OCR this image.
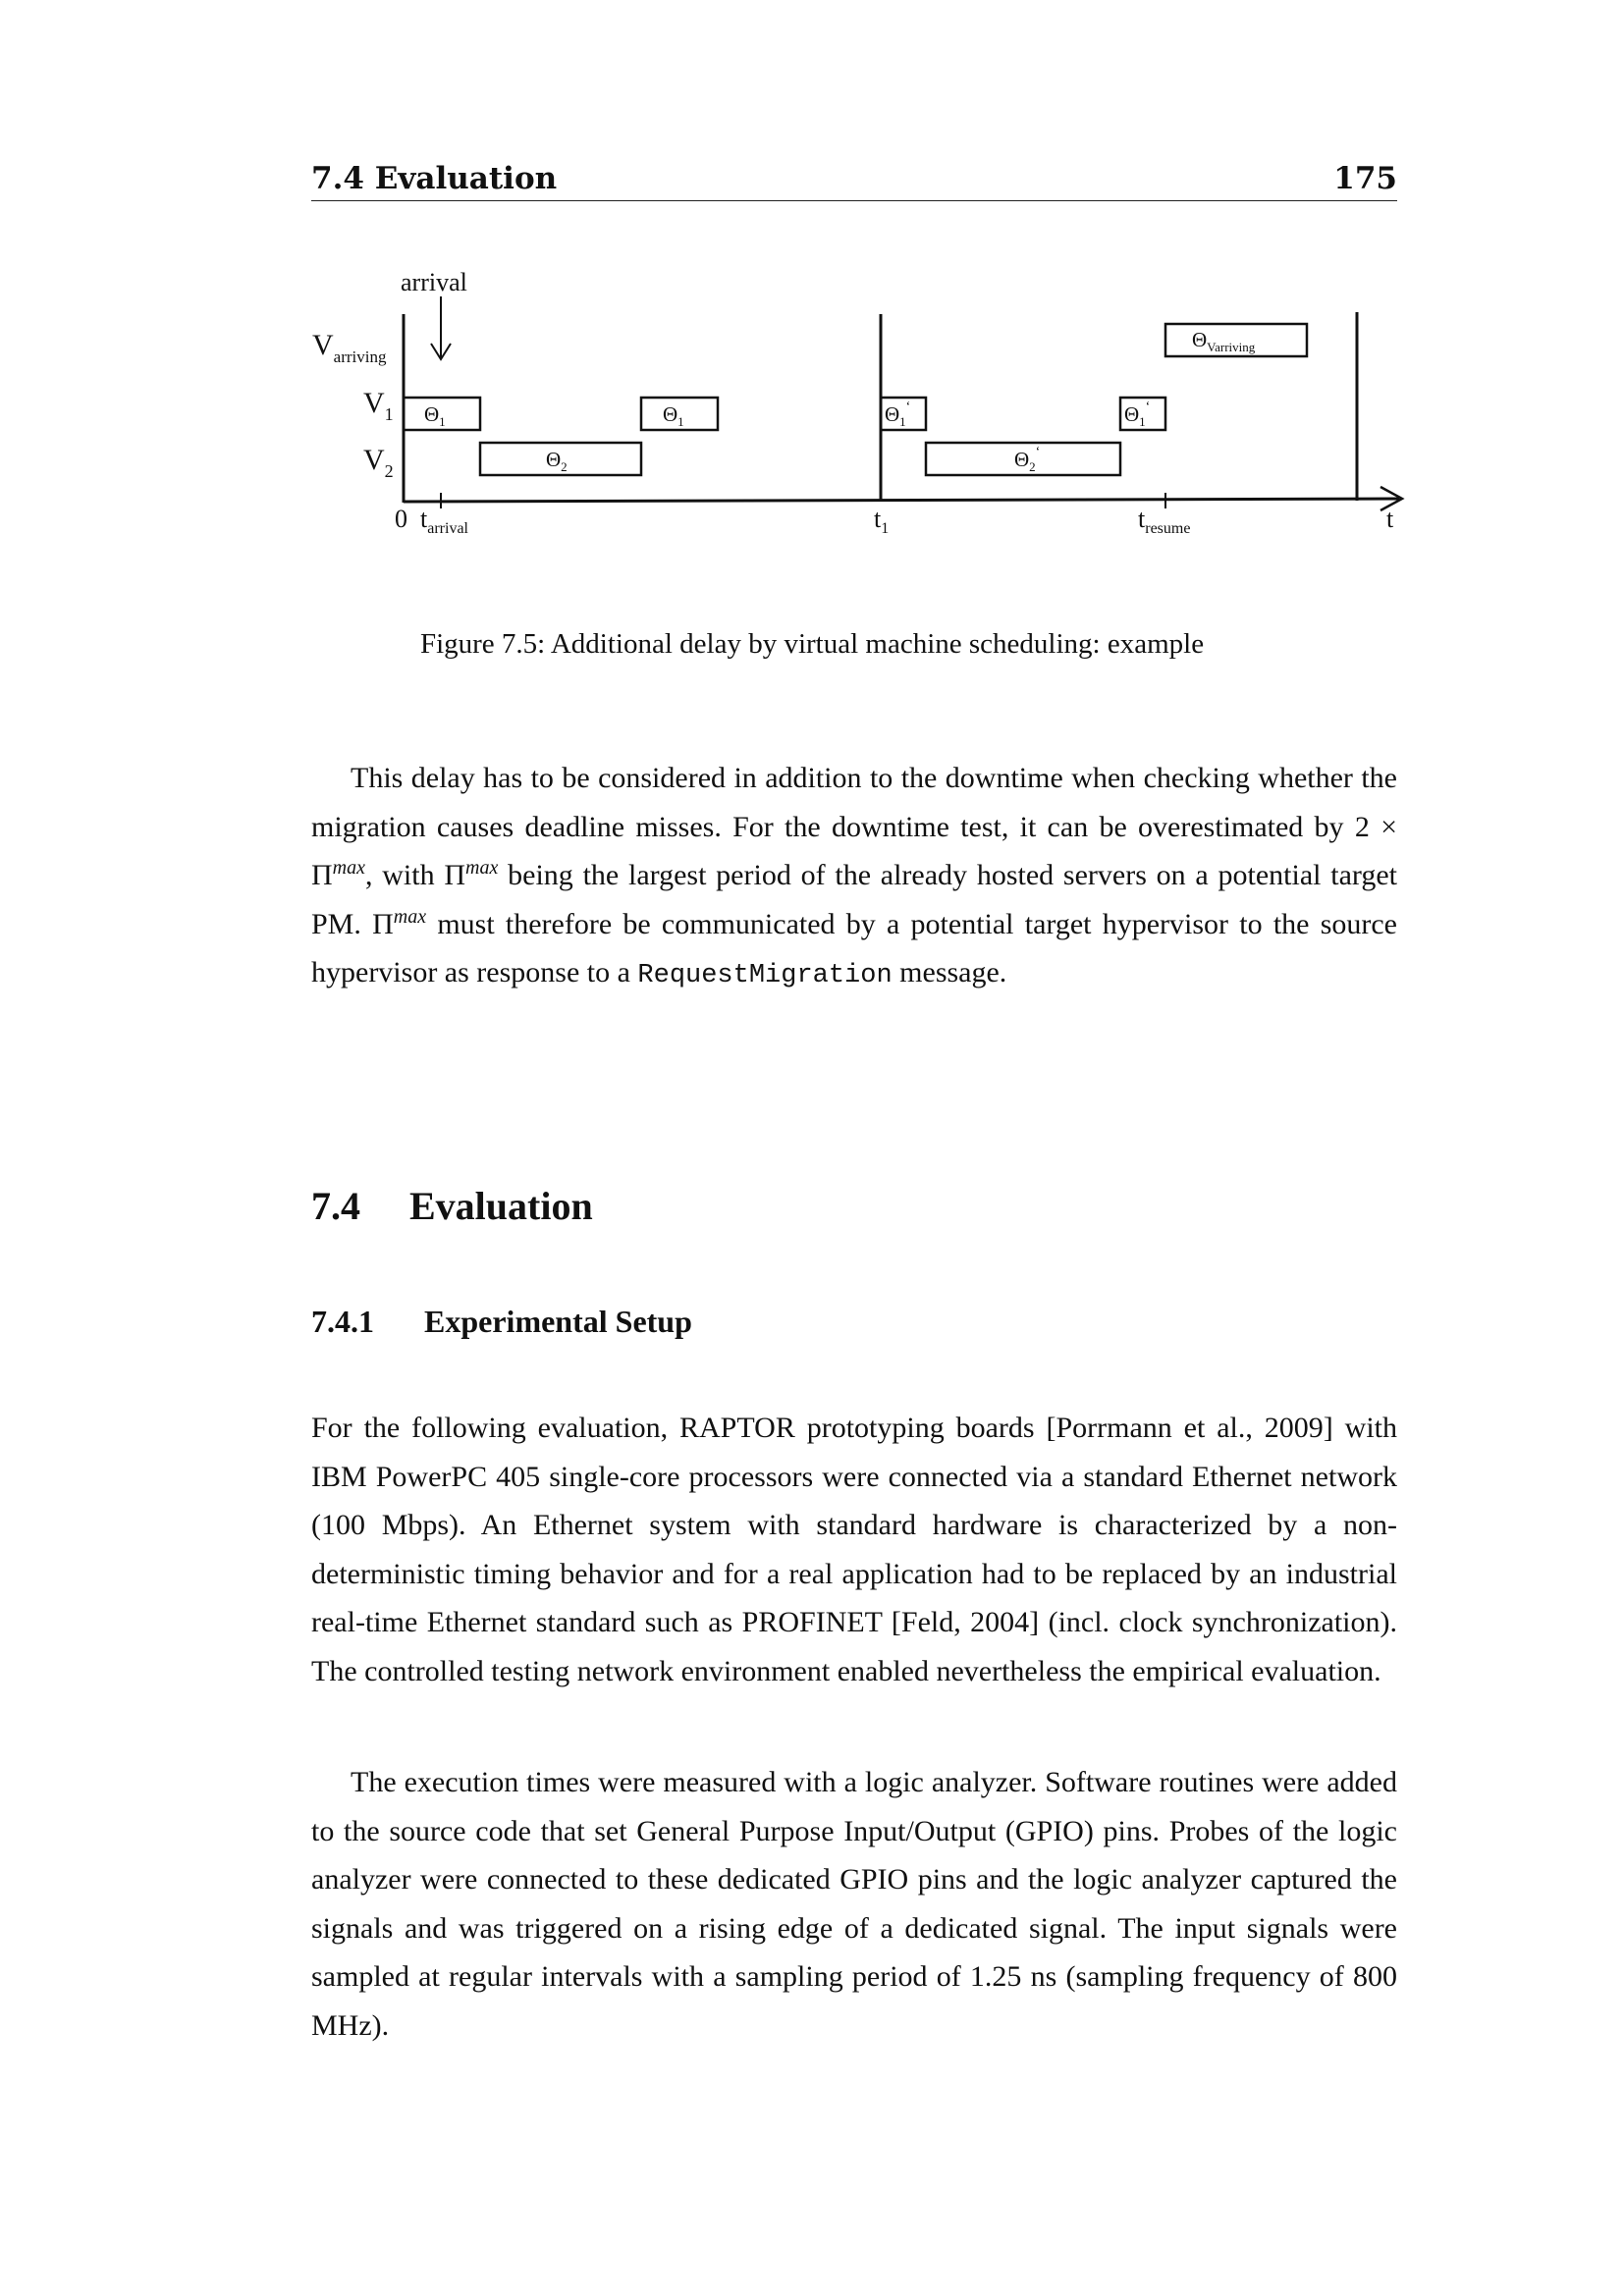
7.4 Evaluation	175
arrival
$V_{arriving}$
$V_1$
$V_2$
$\Theta_1$
$\Theta_2$
$\Theta_1$	$\Theta_1^‘$
$\Theta_2^‘$
$\Theta_1^‘$
$\Theta_{Varriving}$
0 $t_{arrival}$	$t_1$	$t_{resume}$	t
Figure 7.5: Additional delay by virtual machine scheduling: example

This delay has to be considered in addition to the downtime when checking whether the migration causes deadline misses. For the downtime test, it can be overestimated by $2 \times \Pi^{max}$, with $\Pi^{max}$ being the largest period of the already hosted servers on a potential target PM. $\Pi^{max}$ must therefore be communicated by a potential target hypervisor to the source hypervisor as response to a RequestMigration message.

7.4 Evaluation
7.4.1 Experimental Setup

For the following evaluation, RAPTOR prototyping boards [Porrmann et al., 2009] with IBM PowerPC 405 single-core processors were connected via a standard Ethernet network (100 Mbps). An Ethernet system with standard hardware is characterized by a non-deterministic timing behavior and for a real application had to be replaced by an industrial real-time Ethernet standard such as PROFINET [Feld, 2004] (incl. clock synchronization). The controlled testing network environment enabled nevertheless the empirical evaluation.

The execution times were measured with a logic analyzer. Software routines were added to the source code that set General Purpose Input/Output (GPIO) pins. Probes of the logic analyzer were connected to these dedicated GPIO pins and the logic analyzer captured the signals and was triggered on a rising edge of a dedicated signal. The input signals were sampled at regular intervals with a sampling period of 1.25 ns (sampling frequency of 800 MHz).
